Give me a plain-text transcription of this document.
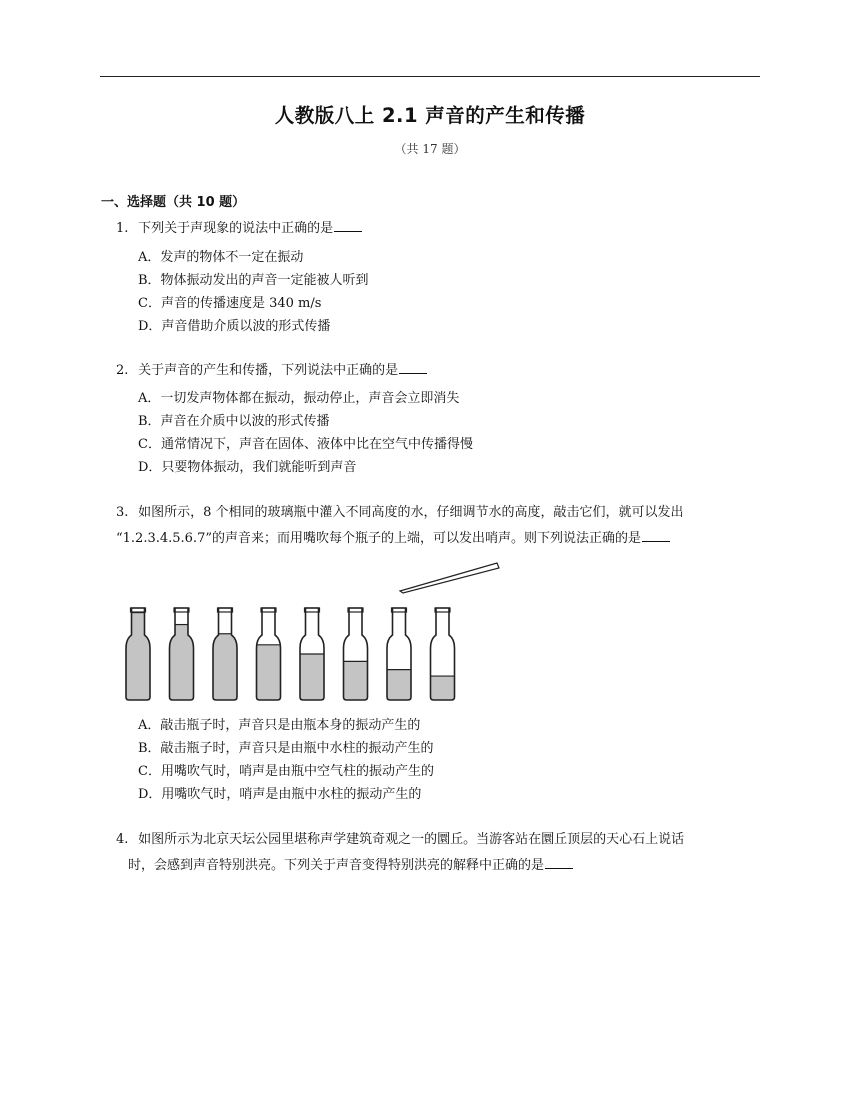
人教版八上 2.1 声音的产生和传播
（共 17 题）
一、选择题（共 10 题）
1. 下列关于声现象的说法中正确的是
A．发声的物体不一定在振动
B．物体振动发出的声音一定能被人听到
C．声音的传播速度是 340 m/s
D．声音借助介质以波的形式传播
2. 关于声音的产生和传播，下列说法中正确的是
A．一切发声物体都在振动，振动停止，声音会立即消失
B．声音在介质中以波的形式传播
C．通常情况下，声音在固体、液体中比在空气中传播得慢
D．只要物体振动，我们就能听到声音
3. 如图所示，8 个相同的玻璃瓶中灌入不同高度的水，仔细调节水的高度，敲击它们，就可以发出
“1.2.3.4.5.6.7”的声音来；而用嘴吹每个瓶子的上端，可以发出哨声。则下列说法正确的是
A．敲击瓶子时，声音只是由瓶本身的振动产生的
B．敲击瓶子时，声音只是由瓶中水柱的振动产生的
C．用嘴吹气时，哨声是由瓶中空气柱的振动产生的
D．用嘴吹气时，哨声是由瓶中水柱的振动产生的
4. 如图所示为北京天坛公园里堪称声学建筑奇观之一的圜丘。当游客站在圜丘顶层的天心石上说话
时，会感到声音特别洪亮。下列关于声音变得特别洪亮的解释中正确的是
